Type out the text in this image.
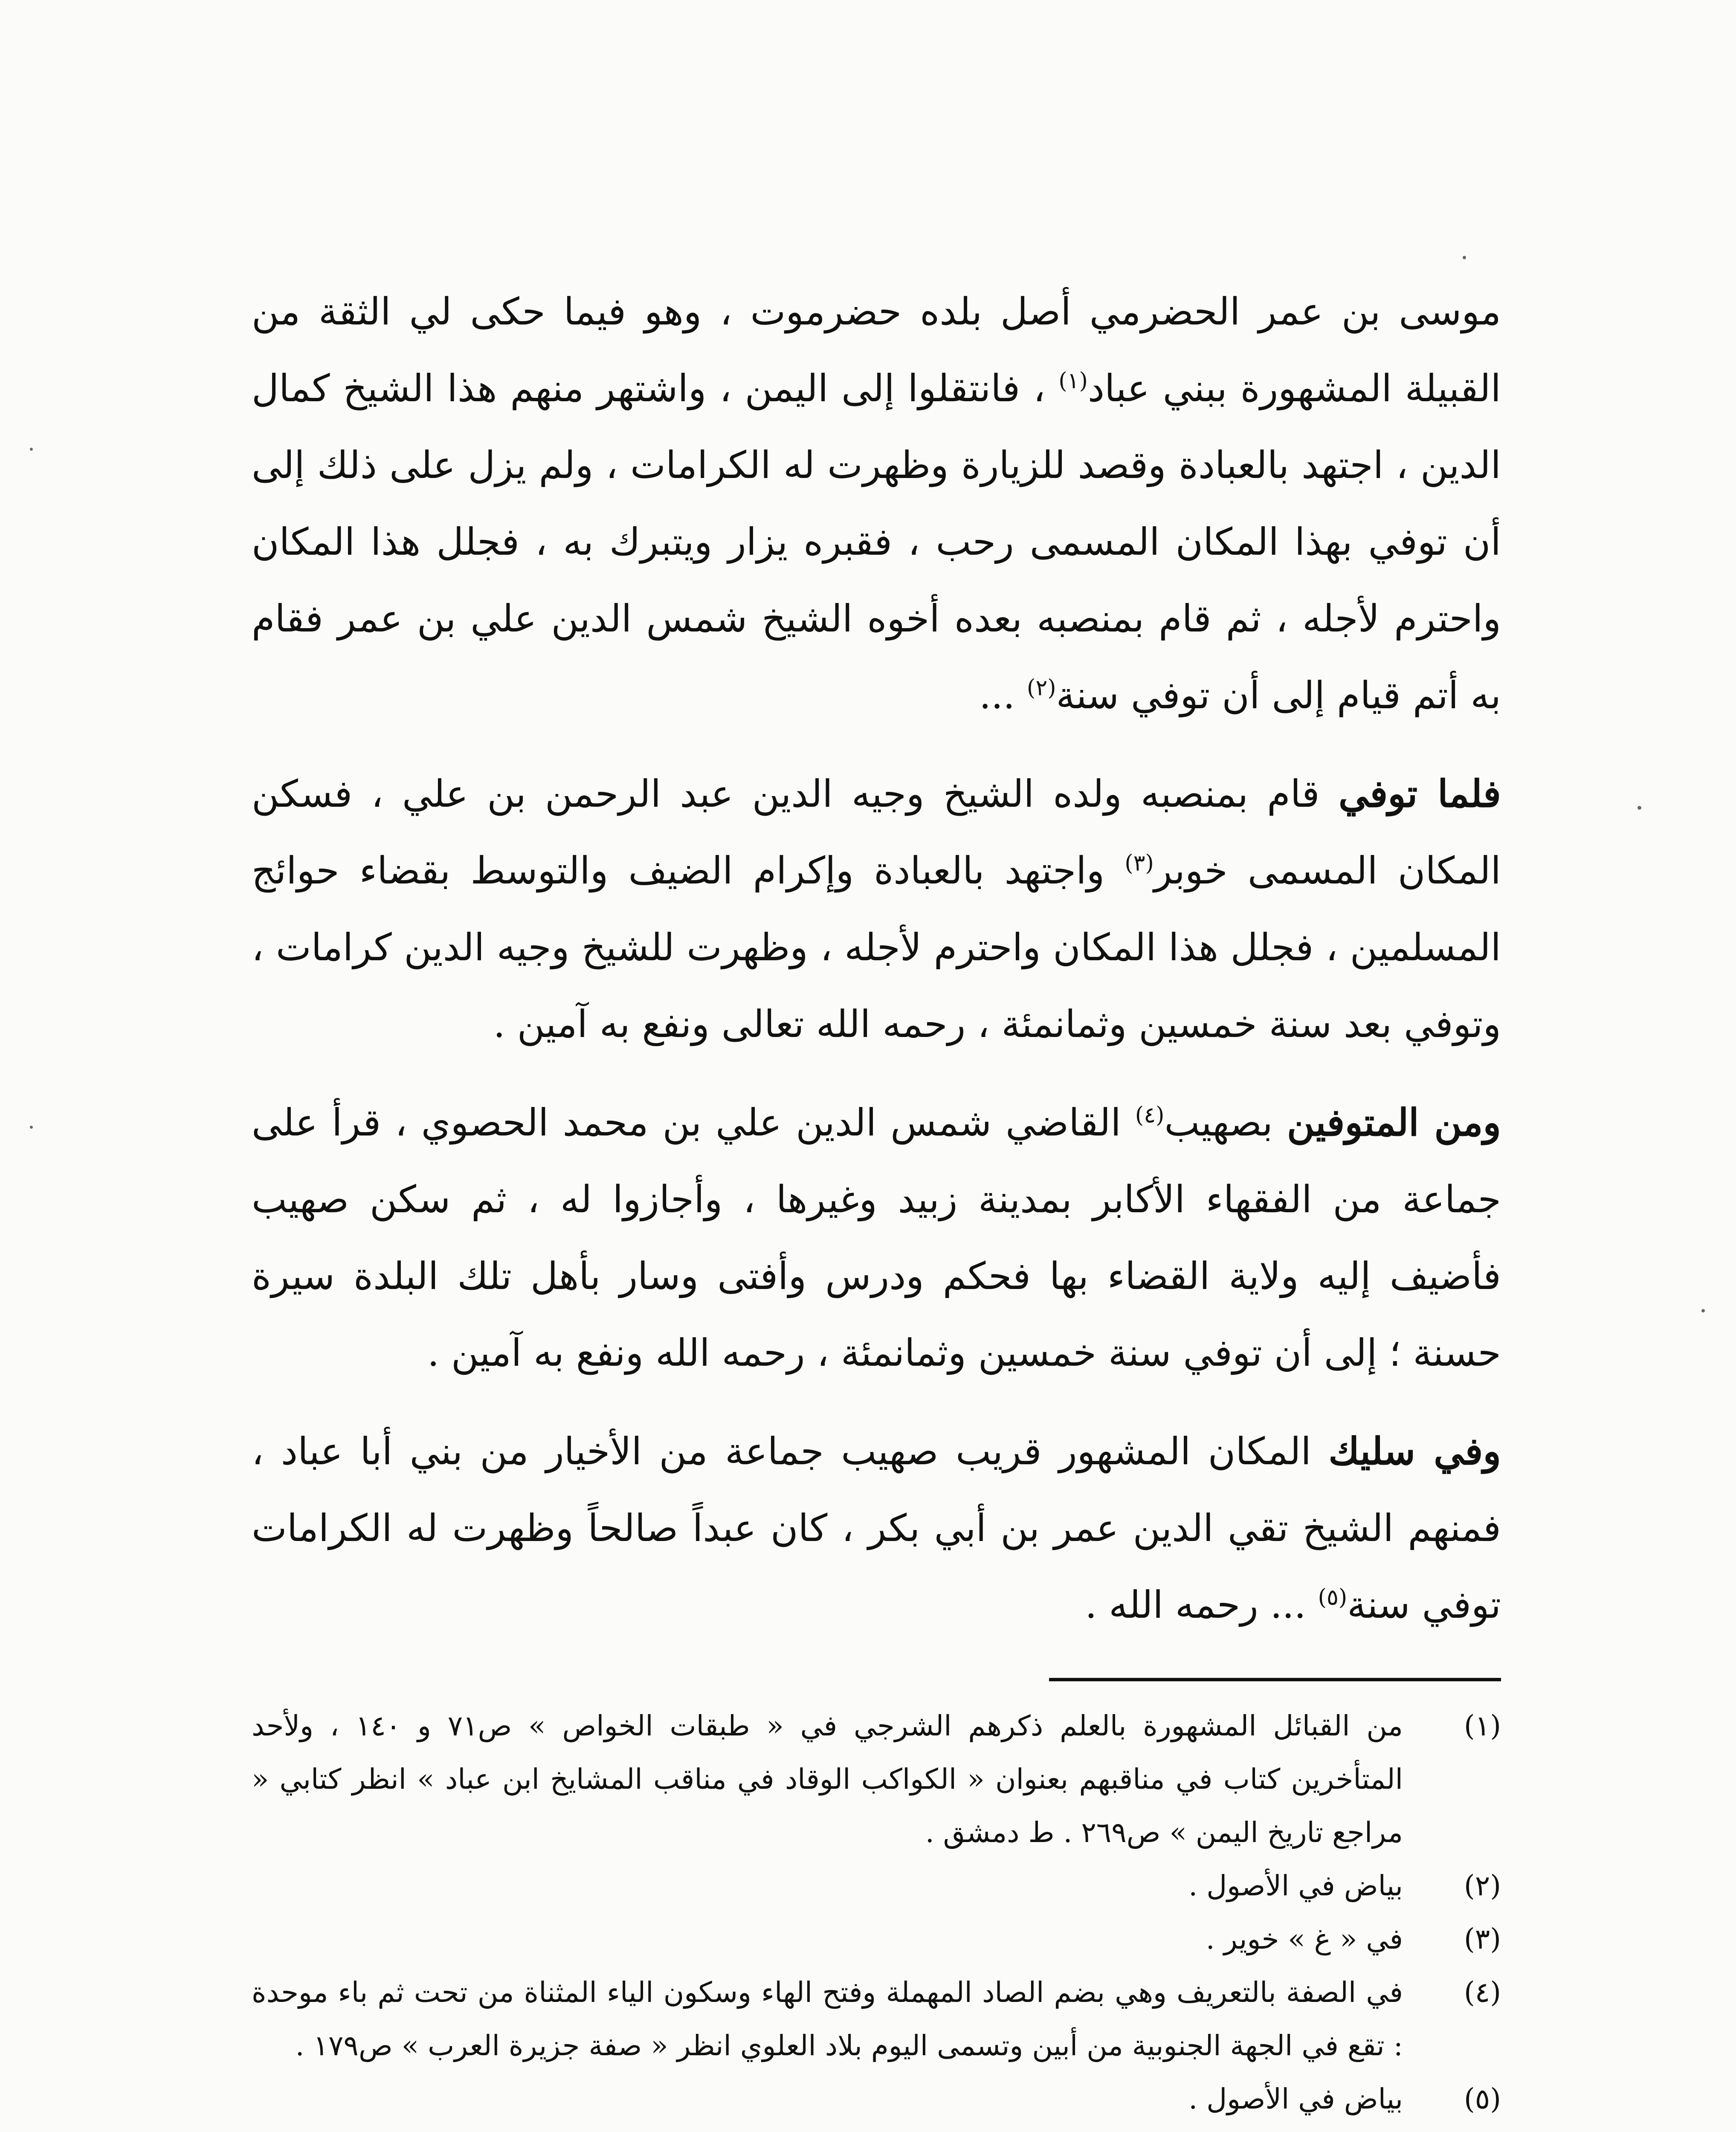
موسى بن عمر الحضرمي أصل بلده حضرموت ، وهو فيما حكى لي الثقة من القبيلة المشهورة ببني عباد$^{(١)}$ ، فانتقلوا إلى اليمن ، واشتهر منهم هذا الشيخ كمال الدين ، اجتهد بالعبادة وقصد للزيارة وظهرت له الكرامات ، ولم يزل على ذلك إلى أن توفي بهذا المكان المسمى رحب ، فقبره يزار ويتبرك به ، فجلل هذا المكان واحترم لأجله ، ثم قام بمنصبه بعده أخوه الشيخ شمس الدين علي بن عمر فقام به أتم قيام إلى أن توفي سنة$^{(٢)}$ ...

فلما توفي قام بمنصبه ولده الشيخ وجيه الدين عبد الرحمن بن علي ، فسكن المكان المسمى خوبر$^{(٣)}$ واجتهد بالعبادة وإكرام الضيف والتوسط بقضاء حوائج المسلمين ، فجلل هذا المكان واحترم لأجله ، وظهرت للشيخ وجيه الدين كرامات ، وتوفي بعد سنة خمسين وثمانمئة ، رحمه الله تعالى ونفع به آمين .

ومن المتوفين بصهيب$^{(٤)}$ القاضي شمس الدين علي بن محمد الحصوي ، قرأ على جماعة من الفقهاء الأكابر بمدينة زبيد وغيرها ، وأجازوا له ، ثم سكن صهيب فأضيف إليه ولاية القضاء بها فحكم ودرس وأفتى وسار بأهل تلك البلدة سيرة حسنة ؛ إلى أن توفي سنة خمسين وثمانمئة ، رحمه الله ونفع به آمين .

وفي سليك المكان المشهور قريب صهيب جماعة من الأخيار من بني أبا عباد ، فمنهم الشيخ تقي الدين عمر بن أبي بكر ، كان عبداً صالحاً وظهرت له الكرامات توفي سنة$^{(٥)}$ ... رحمه الله .

(١)
من القبائل المشهورة بالعلم ذكرهم الشرجي في « طبقات الخواص » ص٧١ و ١٤٠ ، ولأحد المتأخرين كتاب في مناقبهم بعنوان « الكواكب الوقاد في مناقب المشايخ ابن عباد » انظر كتابي « مراجع تاريخ اليمن » ص٢٦٩ . ط دمشق .
(٢)
بياض في الأصول .
(٣)
في « غ » خوير .
(٤)
في الصفة بالتعريف وهي بضم الصاد المهملة وفتح الهاء وسكون الياء المثناة من تحت ثم باء موحدة : تقع في الجهة الجنوبية من أبين وتسمى اليوم بلاد العلوي انظر « صفة جزيرة العرب » ص١٧٩ .
(٥)
بياض في الأصول .
